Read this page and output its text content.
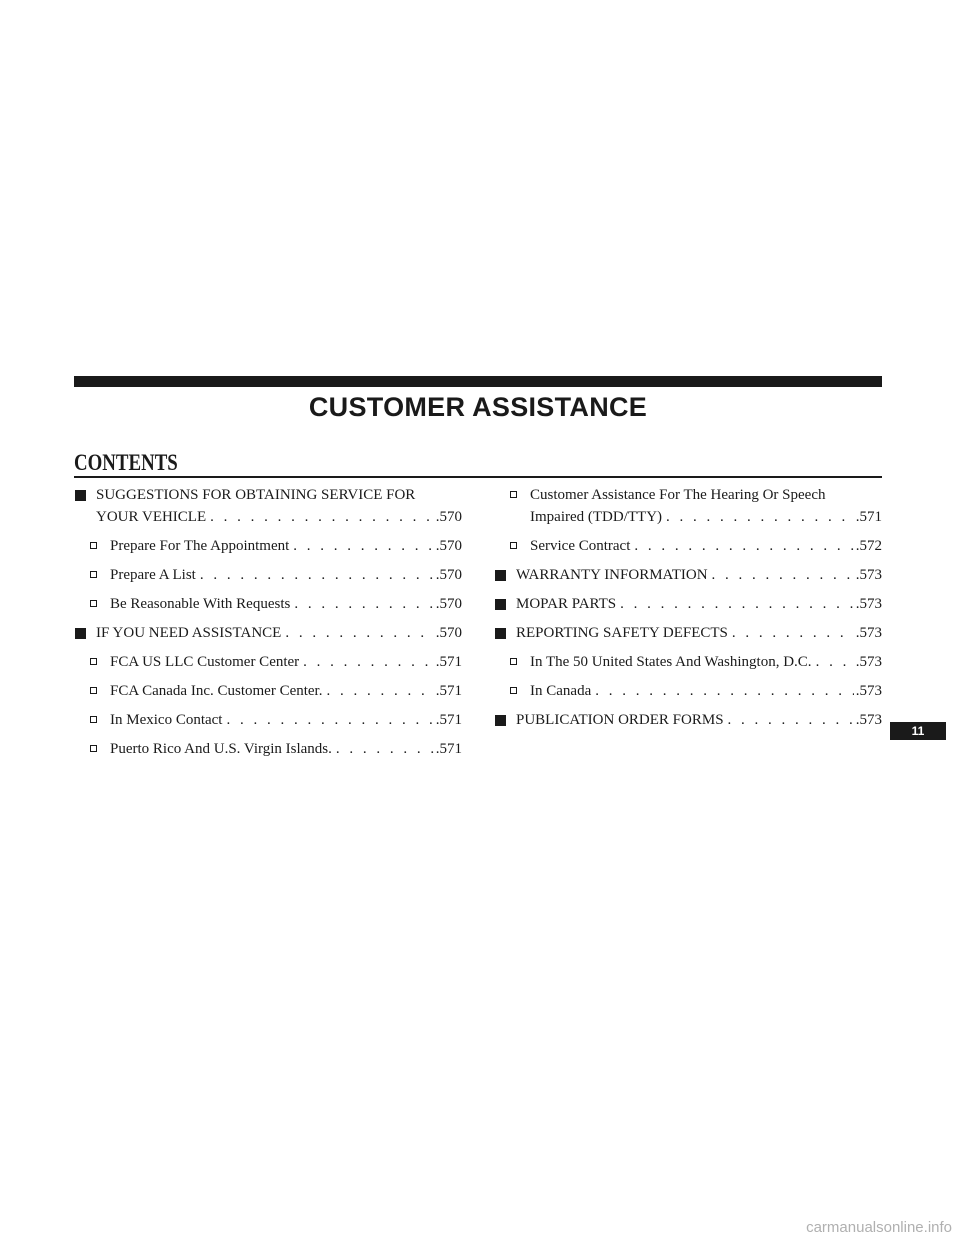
CUSTOMER ASSISTANCE
CONTENTS
SUGGESTIONS FOR OBTAINING SERVICE FOR
YOUR VEHICLE . . .	.570
Prepare For The Appointment . . .	.570
Prepare A List . . .	.570
Be Reasonable With Requests . . .	.570
IF YOU NEED ASSISTANCE . . .	.570
FCA US LLC Customer Center . . .	.571
FCA Canada Inc. Customer Center. . . .	.571
In Mexico Contact . . .	.571
Puerto Rico And U.S. Virgin Islands. . . .	.571
Customer Assistance For The Hearing Or Speech
Impaired (TDD/TTY) . . .	.571
Service Contract . . .	.572
WARRANTY INFORMATION . . .	.573
MOPAR PARTS . . .	.573
REPORTING SAFETY DEFECTS . . .	.573
In The 50 United States And Washington, D.C. . . .	.573
In Canada . . .	.573
PUBLICATION ORDER FORMS . . .	.573
11
carmanualsonline.info
